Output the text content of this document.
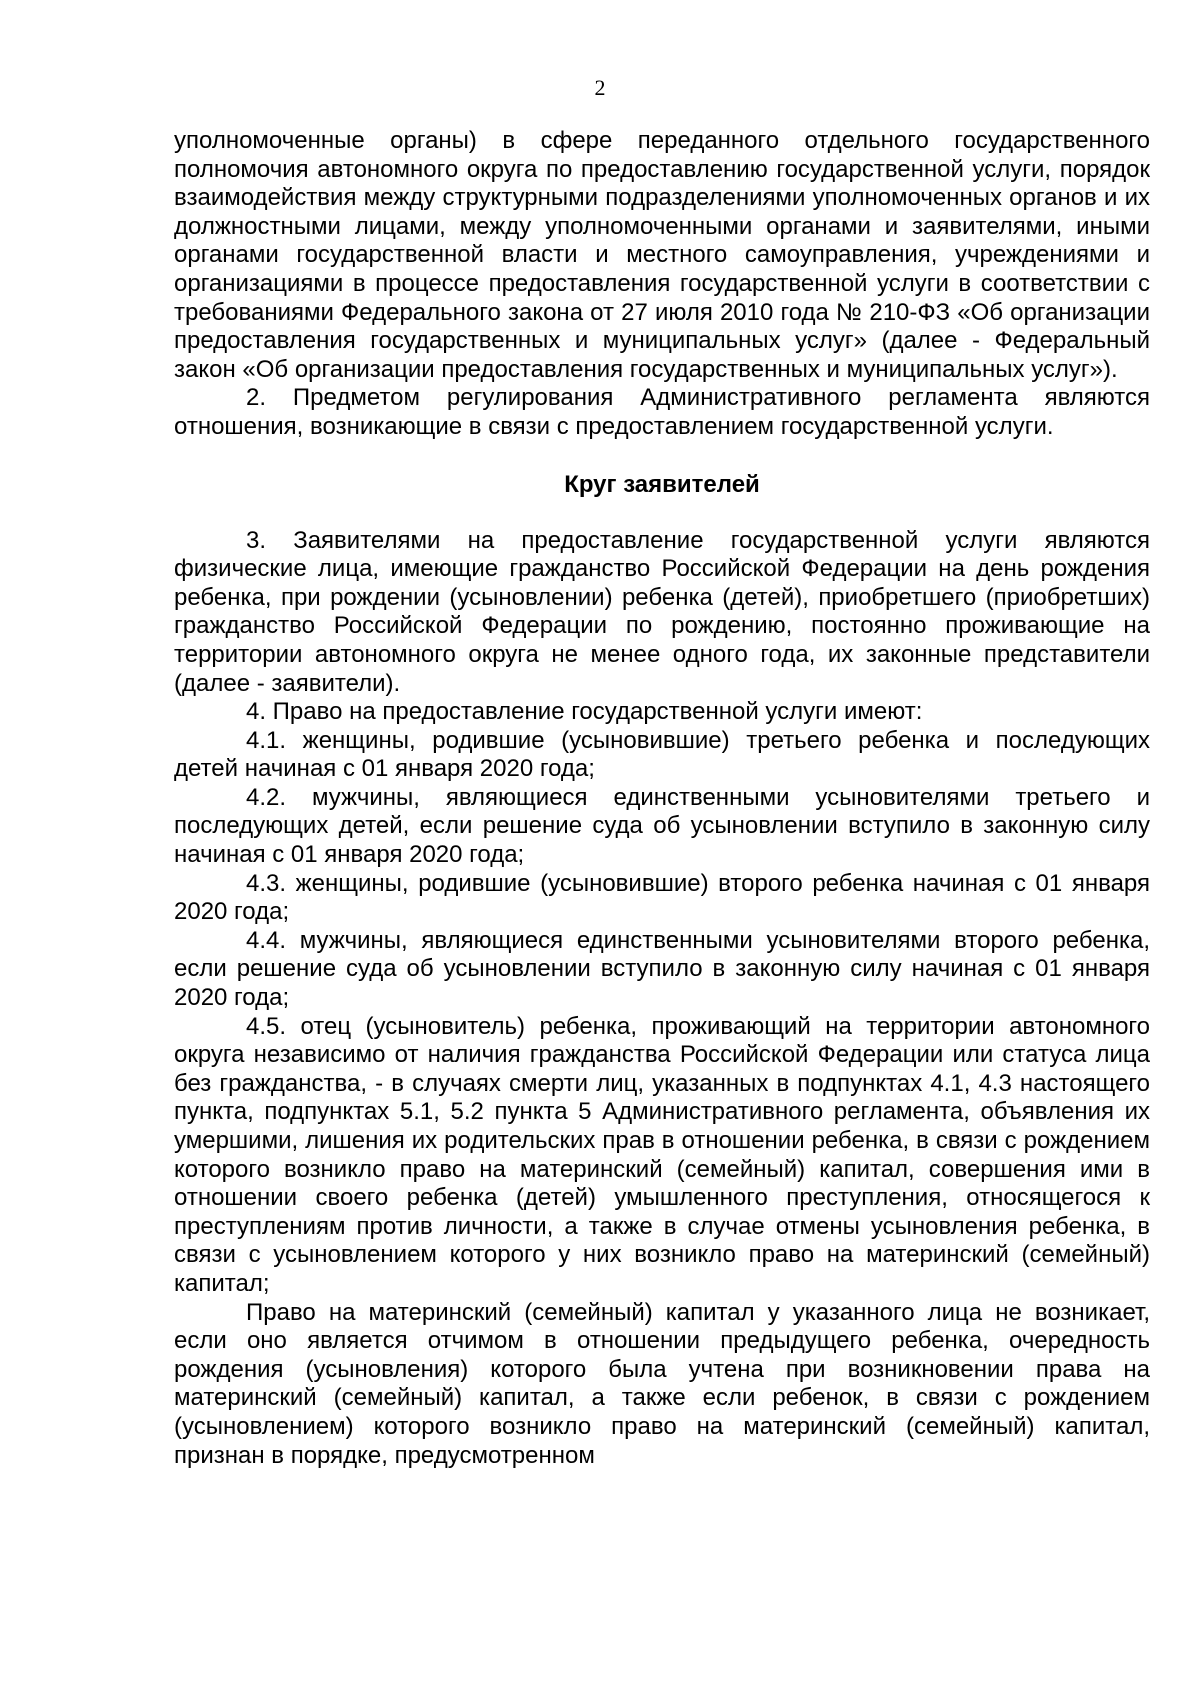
2

уполномоченные органы) в сфере переданного отдельного государственного полномочия автономного округа по предоставлению государственной услуги, порядок взаимодействия между структурными подразделениями уполномоченных органов и их должностными лицами, между уполномоченными органами и заявителями, иными органами государственной власти и местного самоуправления, учреждениями и организациями в процессе предоставления государственной услуги в соответствии с требованиями Федерального закона от 27 июля 2010 года № 210-ФЗ «Об организации предоставления государственных и муниципальных услуг» (далее - Федеральный закон «Об организации предоставления государственных и муниципальных услуг»).

2. Предметом регулирования Административного регламента являются отношения, возникающие в связи с предоставлением государственной услуги.

Круг заявителей

3. Заявителями на предоставление государственной услуги являются физические лица, имеющие гражданство Российской Федерации на день рождения ребенка, при рождении (усыновлении) ребенка (детей), приобретшего (приобретших) гражданство Российской Федерации по рождению, постоянно проживающие на территории автономного округа не менее одного года, их законные представители (далее - заявители).

4. Право на предоставление государственной услуги имеют:

4.1. женщины, родившие (усыновившие) третьего ребенка и последующих детей начиная с 01 января 2020 года;

4.2. мужчины, являющиеся единственными усыновителями третьего и последующих детей, если решение суда об усыновлении вступило в законную силу начиная с 01 января 2020 года;

4.3. женщины, родившие (усыновившие) второго ребенка начиная с 01 января 2020 года;

4.4. мужчины, являющиеся единственными усыновителями второго ребенка, если решение суда об усыновлении вступило в законную силу начиная с 01 января 2020 года;

4.5. отец (усыновитель) ребенка, проживающий на территории автономного округа независимо от наличия гражданства Российской Федерации или статуса лица без гражданства, - в случаях смерти лиц, указанных в подпунктах 4.1, 4.3 настоящего пункта, подпунктах 5.1, 5.2 пункта 5 Административного регламента, объявления их умершими, лишения их родительских прав в отношении ребенка, в связи с рождением которого возникло право на материнский (семейный) капитал, совершения ими в отношении своего ребенка (детей) умышленного преступления, относящегося к преступлениям против личности, а также в случае отмены усыновления ребенка, в связи с усыновлением которого у них возникло право на материнский (семейный) капитал;

Право на материнский (семейный) капитал у указанного лица не возникает, если оно является отчимом в отношении предыдущего ребенка, очередность рождения (усыновления) которого была учтена при возникновении права на материнский (семейный) капитал, а также если ребенок, в связи с рождением (усыновлением) которого возникло право на материнский (семейный) капитал, признан в порядке, предусмотренном
